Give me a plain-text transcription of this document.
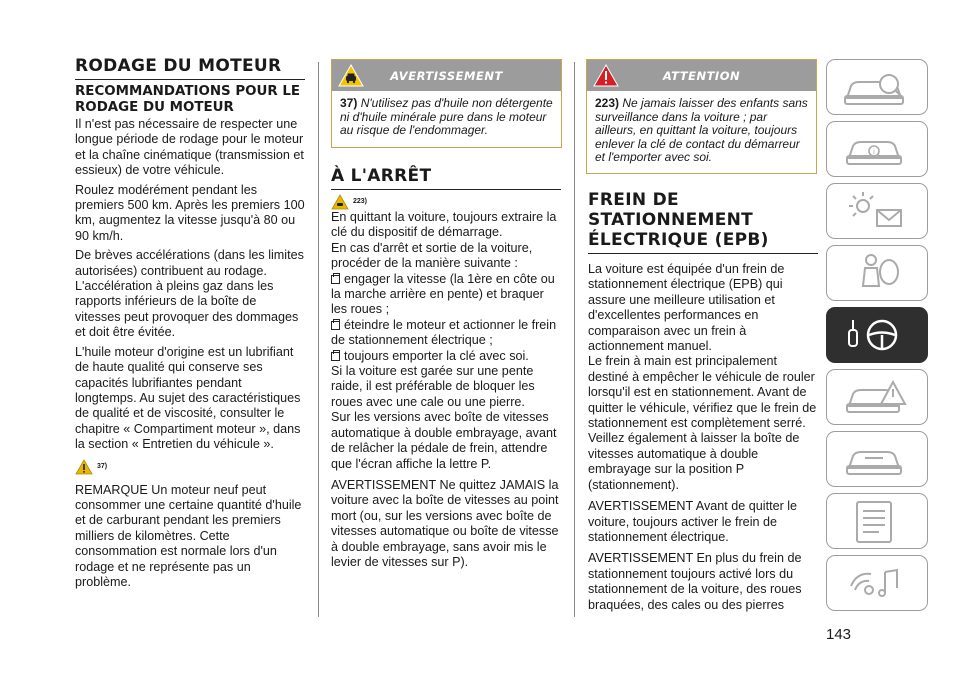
RODAGE DU MOTEUR
RECOMMANDATIONS POUR LE RODAGE DU MOTEUR

Il n'est pas nécessaire de respecter une longue période de rodage pour le moteur et la chaîne cinématique (transmission et essieux) de votre véhicule.

Roulez modérément pendant les premiers 500 km. Après les premiers 100 km, augmentez la vitesse jusqu'à 80 ou 90 km/h.

De brèves accélérations (dans les limites autorisées) contribuent au rodage. L'accélération à pleins gaz dans les rapports inférieurs de la boîte de vitesses peut provoquer des dommages et doit être évitée.

L'huile moteur d'origine est un lubrifiant de haute qualité qui conserve ses capacités lubrifiantes pendant longtemps. Au sujet des caractéristiques de qualité et de viscosité, consulter le chapitre « Compartiment moteur », dans la section « Entretien du véhicule ».

$^{37)}$

REMARQUE Un moteur neuf peut consommer une certaine quantité d'huile et de carburant pendant les premiers milliers de kilomètres. Cette consommation est normale lors d'un rodage et ne représente pas un problème.

AVERTISSEMENT
37) N'utilisez pas d'huile non détergente ni d'huile minérale pure dans le moteur au risque de l'endommager.
À L'ARRÊT
$^{223)}$

En quittant la voiture, toujours extraire la clé du dispositif de démarrage.

En cas d'arrêt et sortie de la voiture, procéder de la manière suivante :

engager la vitesse (la 1ère en côte ou la marche arrière en pente) et braquer les roues ;

éteindre le moteur et actionner le frein de stationnement électrique ;

toujours emporter la clé avec soi.

Si la voiture est garée sur une pente raide, il est préférable de bloquer les roues avec une cale ou une pierre.

Sur les versions avec boîte de vitesses automatique à double embrayage, avant de relâcher la pédale de frein, attendre que l'écran affiche la lettre P.

AVERTISSEMENT Ne quittez JAMAIS la voiture avec la boîte de vitesses au point mort (ou, sur les versions avec boîte de vitesses automatique ou boîte de vitesse à double embrayage, sans avoir mis le levier de vitesses sur P).

ATTENTION
223) Ne jamais laisser des enfants sans surveillance dans la voiture ; par ailleurs, en quittant la voiture, toujours enlever la clé de contact du démarreur et l'emporter avec soi.
FREIN DE
STATIONNEMENT
ÉLECTRIQUE (EPB)

La voiture est équipée d'un frein de stationnement électrique (EPB) qui assure une meilleure utilisation et d'excellentes performances en comparaison avec un frein à actionnement manuel.

Le frein à main est principalement destiné à empêcher le véhicule de rouler lorsqu'il est en stationnement. Avant de quitter le véhicule, vérifiez que le frein de stationnement est complètement serré. Veillez également à laisser la boîte de vitesses automatique à double embrayage sur la position P (stationnement).

AVERTISSEMENT Avant de quitter le voiture, toujours activer le frein de stationnement électrique.

AVERTISSEMENT En plus du frein de stationnement toujours activé lors du stationnement de la voiture, des roues braquées, des cales ou des pierres

i
143
